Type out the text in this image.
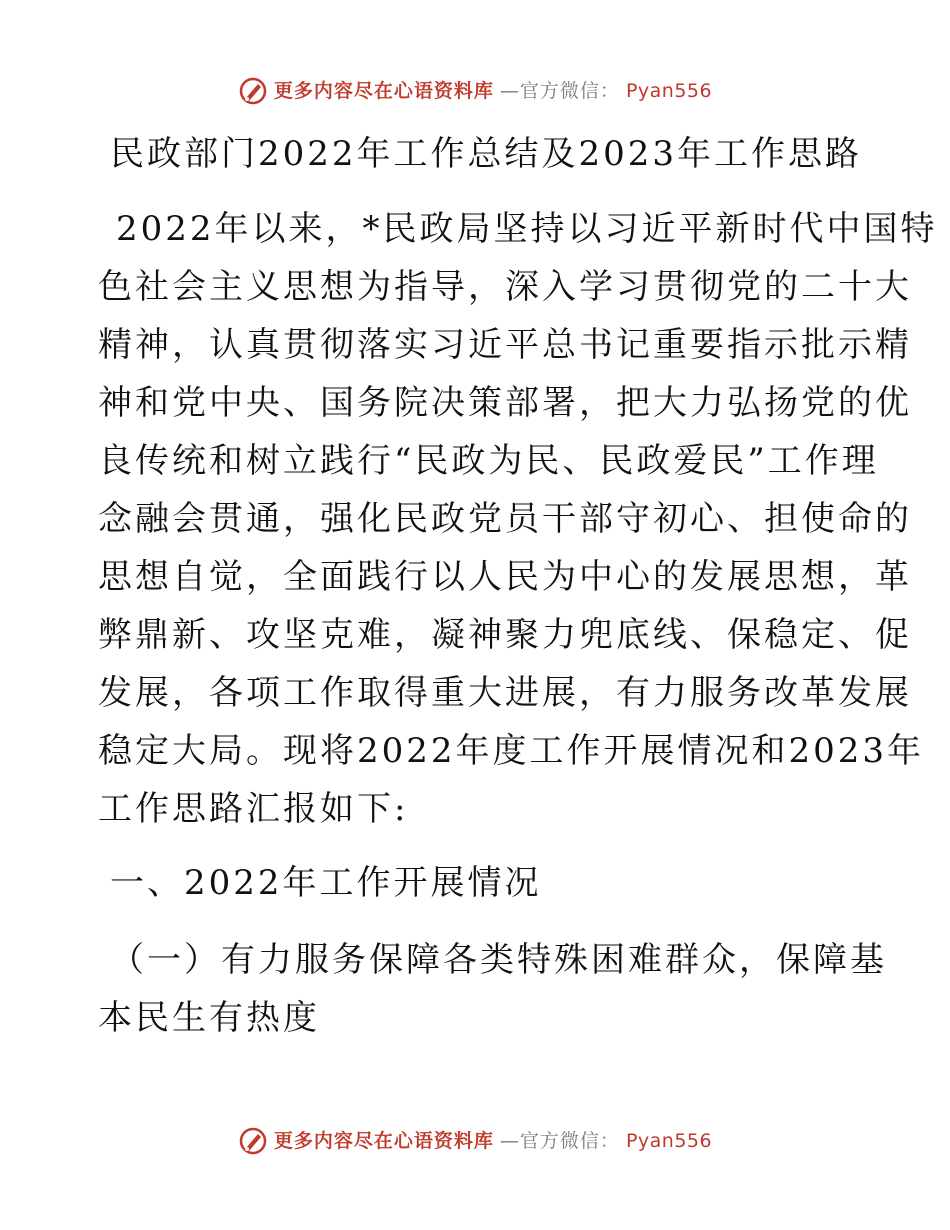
更多内容尽在心语资料库 —官方微信： Pyan556
民政部门2022年工作总结及2023年工作思路
2022年以来，*民政局坚持以习近平新时代中国特
色社会主义思想为指导，深入学习贯彻党的二十大
精神，认真贯彻落实习近平总书记重要指示批示精
神和党中央、国务院决策部署，把大力弘扬党的优
良传统和树立践行“民政为民、民政爱民”工作理
念融会贯通，强化民政党员干部守初心、担使命的
思想自觉，全面践行以人民为中心的发展思想，革
弊鼎新、攻坚克难，凝神聚力兜底线、保稳定、促
发展，各项工作取得重大进展，有力服务改革发展
稳定大局。现将2022年度工作开展情况和2023年
工作思路汇报如下:
一、2022年工作开展情况
（一）有力服务保障各类特殊困难群众，保障基
本民生有热度
更多内容尽在心语资料库 —官方微信： Pyan556
